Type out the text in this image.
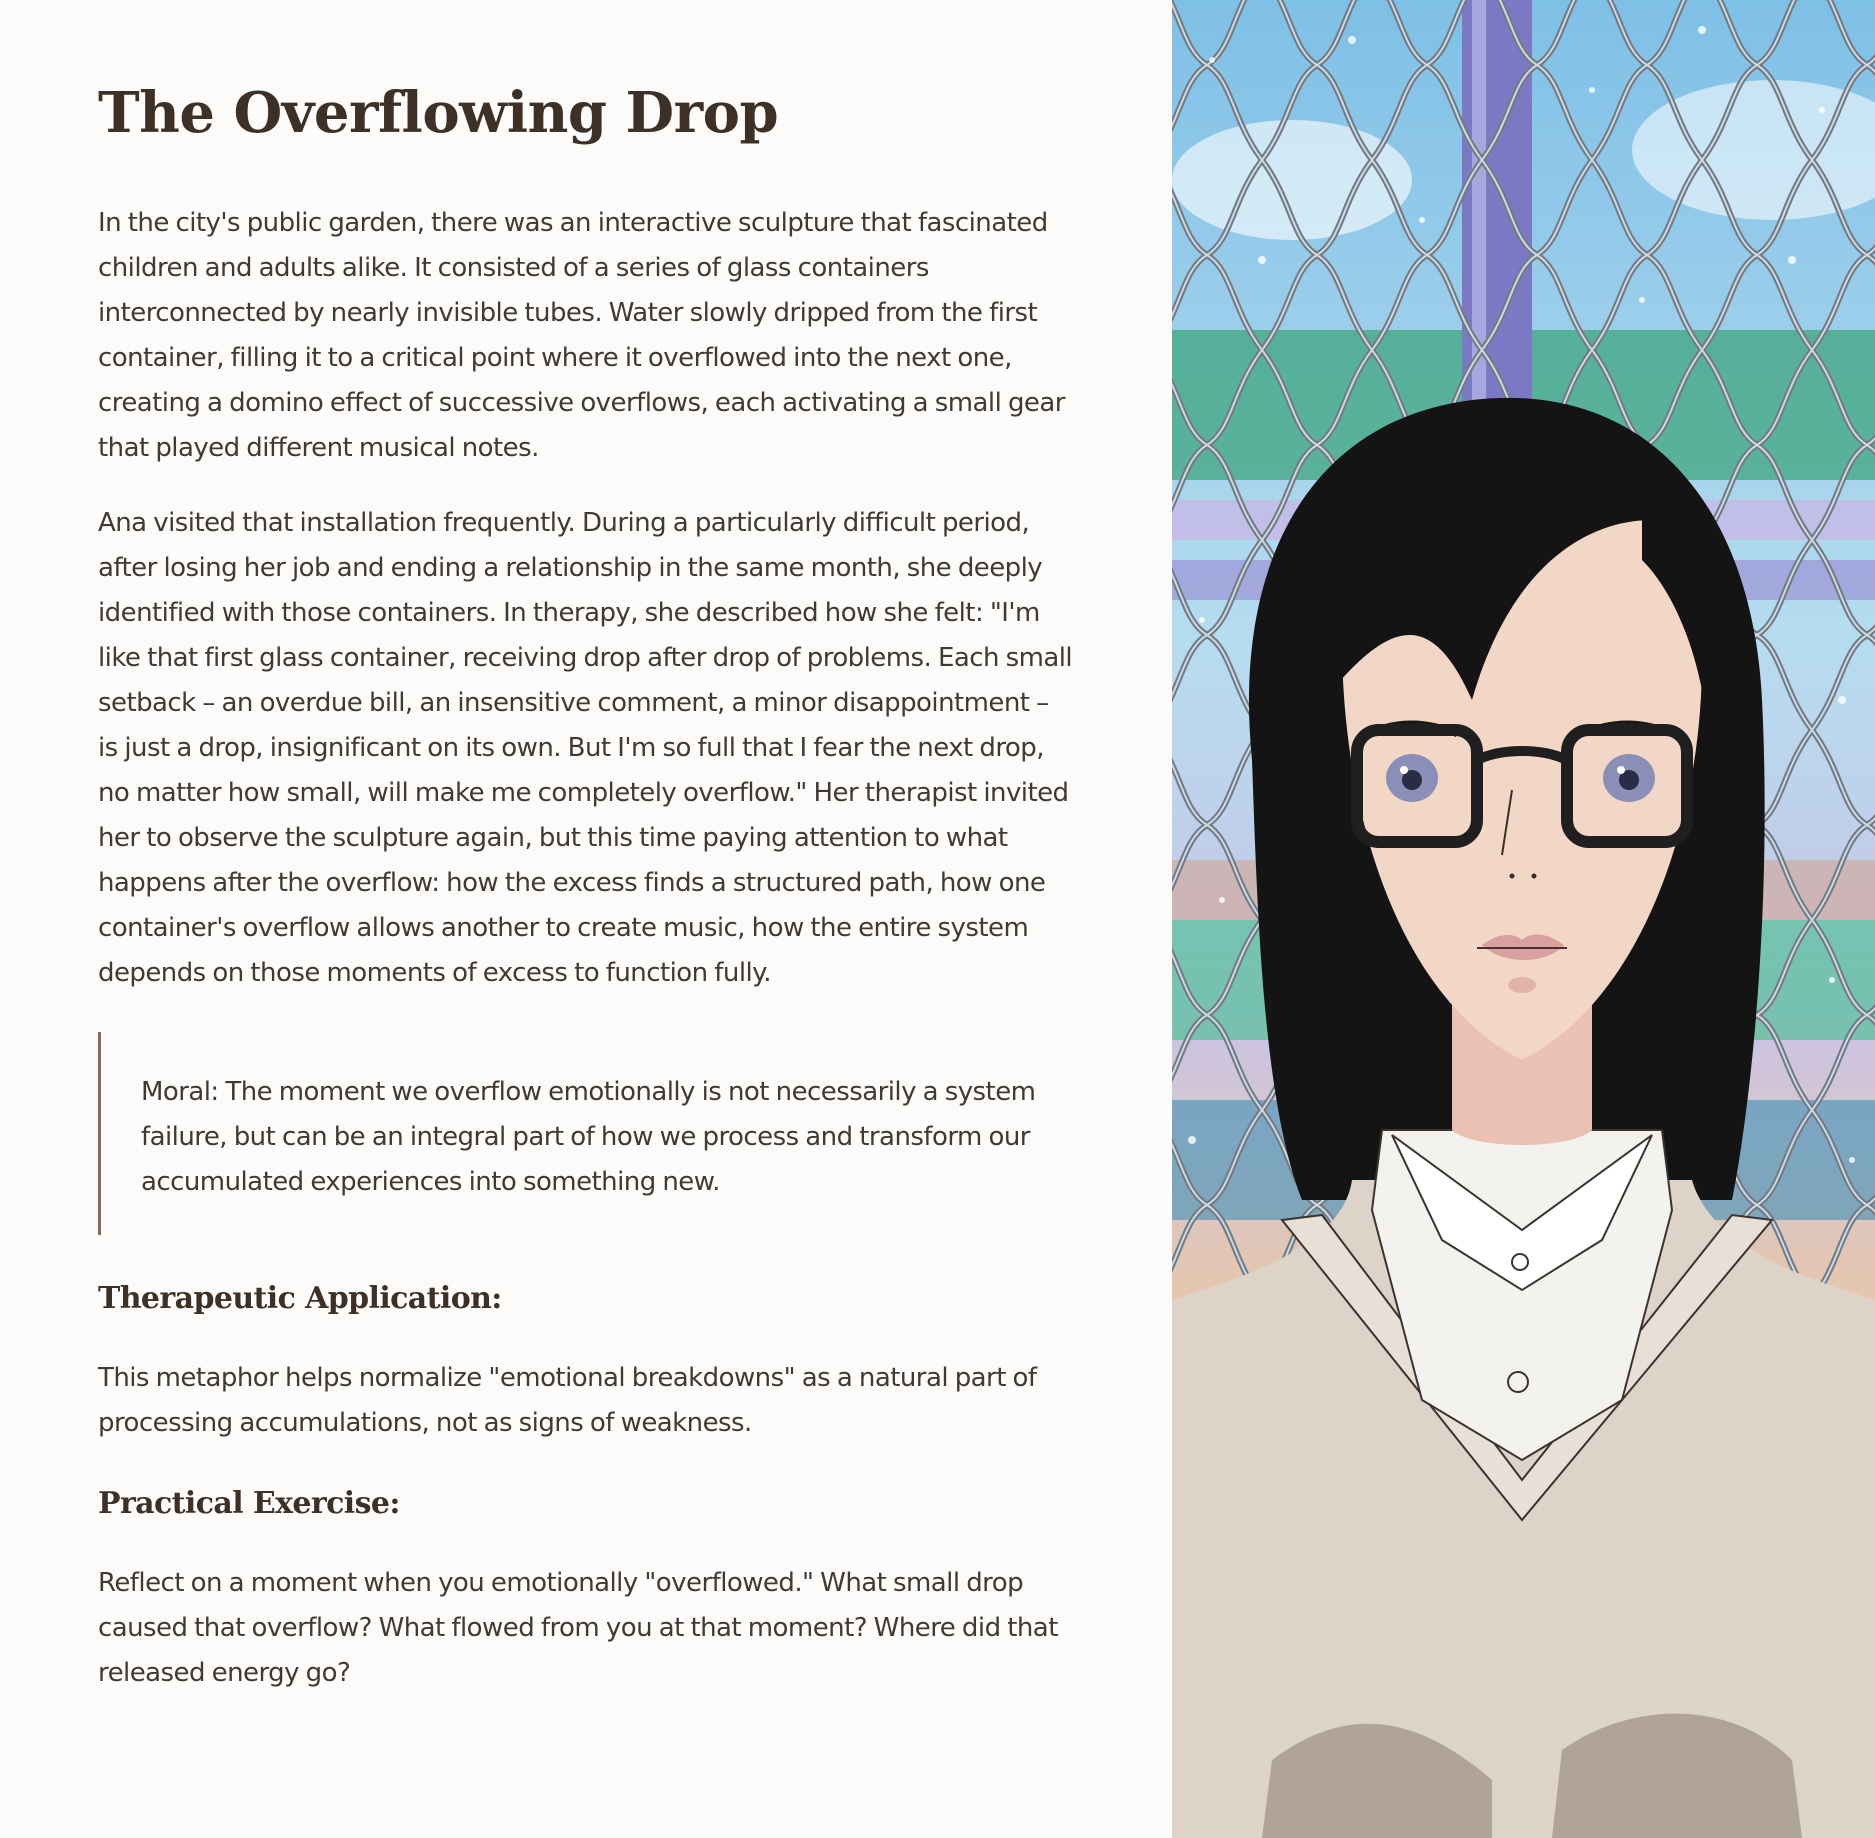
The Overflowing Drop

In the city's public garden, there was an interactive sculpture that fascinated children and adults alike. It consisted of a series of glass containers interconnected by nearly invisible tubes. Water slowly dripped from the first container, filling it to a critical point where it overflowed into the next one, creating a domino effect of successive overflows, each activating a small gear that played different musical notes.

Ana visited that installation frequently. During a particularly difficult period, after losing her job and ending a relationship in the same month, she deeply identified with those containers. In therapy, she described how she felt: "I'm like that first glass container, receiving drop after drop of problems. Each small setback – an overdue bill, an insensitive comment, a minor disappointment – is just a drop, insignificant on its own. But I'm so full that I fear the next drop, no matter how small, will make me completely overflow." Her therapist invited her to observe the sculpture again, but this time paying attention to what happens after the overflow: how the excess finds a structured path, how one container's overflow allows another to create music, how the entire system depends on those moments of excess to function fully.

Moral: The moment we overflow emotionally is not necessarily a system failure, but can be an integral part of how we process and transform our accumulated experiences into something new.

Therapeutic Application:

This metaphor helps normalize "emotional breakdowns" as a natural part of processing accumulations, not as signs of weakness.

Practical Exercise:

Reflect on a moment when you emotionally "overflowed." What small drop caused that overflow? What flowed from you at that moment? Where did that released energy go?
